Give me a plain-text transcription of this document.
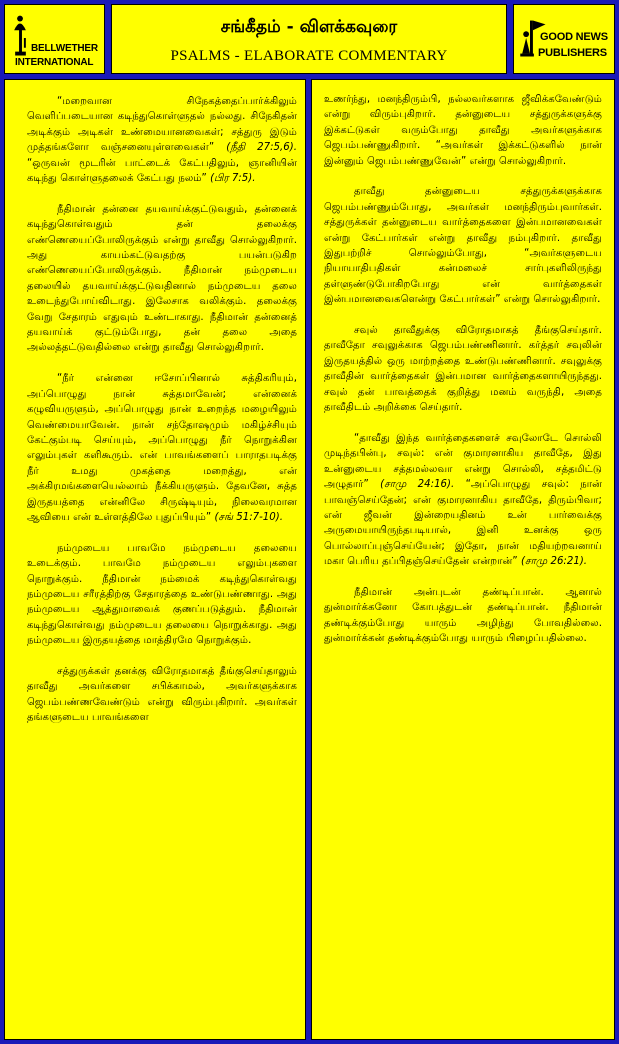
BELLWETHER
INTERNATIONAL
சங்கீதம் - விளக்கவுரை
PSALMS - ELABORATE COMMENTARY
GOOD NEWS
PUBLISHERS

“மறைவான சிநேகத்தைப்பார்க்கிலும் வெளிப்படையான கடிந்துகொள்ளுதல் நல்லது. சிநேகிதன் அடிக்கும் அடிகள் உண்மையானவைகள்; சத்துரு இடும் முத்தங்களோ வஞ்சனையுள்ளவைகள்” (நீதி 27:5,6). “ஒருவன் மூடரின் பாட்டைக் கேட்பதிலும், ஞானியின் கடிந்து கொள்ளுதலைக் கேட்பது நலம்” (பிர 7:5).

நீதிமான் தன்னை தயவாய்க்குட்டுவதும், தன்னைக் கடிந்துகொள்வதும் தன் தலைக்கு எண்ணெயைப்போலிருக்கும் என்று தாவீது சொல்லுகிறார். அது காயம்கட்டுவதற்கு பயன்படுகிற எண்ணெயைப்போலிருக்கும். நீதிமான் நம்முடைய தலையில் தயவாய்க்குட்டுவதினால் நம்முடைய தலை உடைந்துபோய்விடாது. இலேசாக வலிக்கும். தலைக்கு வேறு சேதாரம் எதுவும் உண்டாகாது. நீதிமான் தன்னைத் தயவாய்க் குட்டும்போது, தன் தலை அதை அல்லத்தட்டுவதில்லை என்று தாவீது சொல்லுகிறார்.

“நீர் என்னை ஈசோப்பினால் சுத்திகரியும், அப்பொழுது நான் சுத்தமாவேன்; என்னைக் கழுவியருளும், அப்பொழுது நான் உறைந்த மழையிலும் வெண்மையாவேன். நான் சந்தோஷமும் மகிழ்ச்சியும் கேட்கும்படி செய்யும், அப்பொழுது நீர் நொறுக்கின எலும்புகள் களிகூரும். என் பாவங்களைப் பாராதபடிக்கு நீர் உமது முகத்தை மறைத்து, என் அக்கிரமங்களையெல்லாம் நீக்கியருளும். தேவனே, சுத்த இருதயத்தை என்னிலே சிருஷ்டியும், நிலைவரமான ஆவியை என் உள்ளத்திலே புதுப்பியும்” (சங் 51:7-10).

நம்முடைய பாவமே நம்முடைய தலையை உடைக்கும். பாவமே நம்முடைய எலும்புகளை நொறுக்கும். நீதிமான் நம்மைக் கடிந்துகொள்வது நம்முடைய சரீரத்திற்கு சேதாரத்தை உண்டுபண்ணாது. அது நம்முடைய ஆத்துமாவைக் குணப்படுத்தும். நீதிமான் கடிந்துகொள்வது நம்முடைய தலையை நொறுக்காது. அது நம்முடைய இருதயத்தை மாத்திரமே நொறுக்கும்.

சத்துருக்கள் தனக்கு விரோதமாகத் தீங்குசெய்தாலும் தாவீது அவர்களை சபிக்காமல், அவர்களுக்காக ஜெபம்பண்ணவேண்டும் என்று விரும்புகிறார். அவர்கள் தங்களுடைய பாவங்களை

உணர்ந்து, மனந்திரும்பி, நல்லவர்களாக ஜீவிக்கவேண்டும் என்று விரும்புகிறார். தன்னுடைய சத்துருக்களுக்கு இக்கட்டுகள் வரும்போது தாவீது அவர்களுக்காக ஜெபம்பண்ணுகிறார். “அவர்கள் இக்கட்டுகளில் நான் இன்னும் ஜெபம்பண்ணுவேன்” என்று சொல்லுகிறார்.

தாவீது தன்னுடைய சத்துருக்களுக்காக ஜெபம்பண்ணும்போது, அவர்கள் மனந்திரும்புவார்கள். சத்துருக்கள் தன்னுடைய வார்த்தைகளை இன்பமானவைகள் என்று கேட்பார்கள் என்று தாவீது நம்புகிறார். தாவீது இதுபற்றிச் சொல்லும்போது, “அவர்களுடைய நியாயாதிபதிகள் கன்மலைச் சார்புகளிலிருந்து தள்ளுண்டுபோகிறபோது என் வார்த்தைகள் இன்பமானவைகளென்று கேட்பார்கள்” என்று சொல்லுகிறார்.

சவுல் தாவீதுக்கு விரோதமாகத் தீங்குசெய்தார். தாவீதோ சவுலுக்காக ஜெபம்பண்ணினார். கர்த்தர் சவுலின் இருதயத்தில் ஒரு மாற்றத்தை உண்டுபண்ணினார். சவுலுக்கு தாவீதின் வார்த்தைகள் இன்பமான வார்த்தைகளாயிருந்தது. சவுல் தன் பாவத்தைக் குறித்து மனம் வருந்தி, அதை தாவீதிடம் அறிக்கை செய்தார்.

“தாவீது இந்த வார்த்தைகளைச் சவுலோடே சொல்லி முடிந்தபின்பு, சவுல்: என் குமாரனாகிய தாவீதே, இது உன்னுடைய சத்தமல்லவா என்று சொல்லி, சத்தமிட்டு அழுதார்” (சாமு 24:16). “அப்பொழுது சவுல்: நான் பாவஞ்செய்தேன்; என் குமாரனாகிய தாவீதே, திரும்பிவா; என் ஜீவன் இன்றையதினம் உன் பார்வைக்கு அருமையாயிருந்தபடியால், இனி உனக்கு ஒரு பொல்லாப்புஞ்செய்யேன்; இதோ, நான் மதியற்றவனாய் மகா பெரிய தப்பிதஞ்செய்தேன் என்றான்” (சாமு 26:21).

நீதிமான் அன்புடன் தண்டிப்பான். ஆனால் துன்மார்க்கனோ கோபத்துடன் தண்டிப்பான். நீதிமான் தண்டிக்கும்போது யாரும் அழிந்து போவதில்லை. துன்மார்க்கன் தண்டிக்கும்போது யாரும் பிழைப்பதில்லை.
